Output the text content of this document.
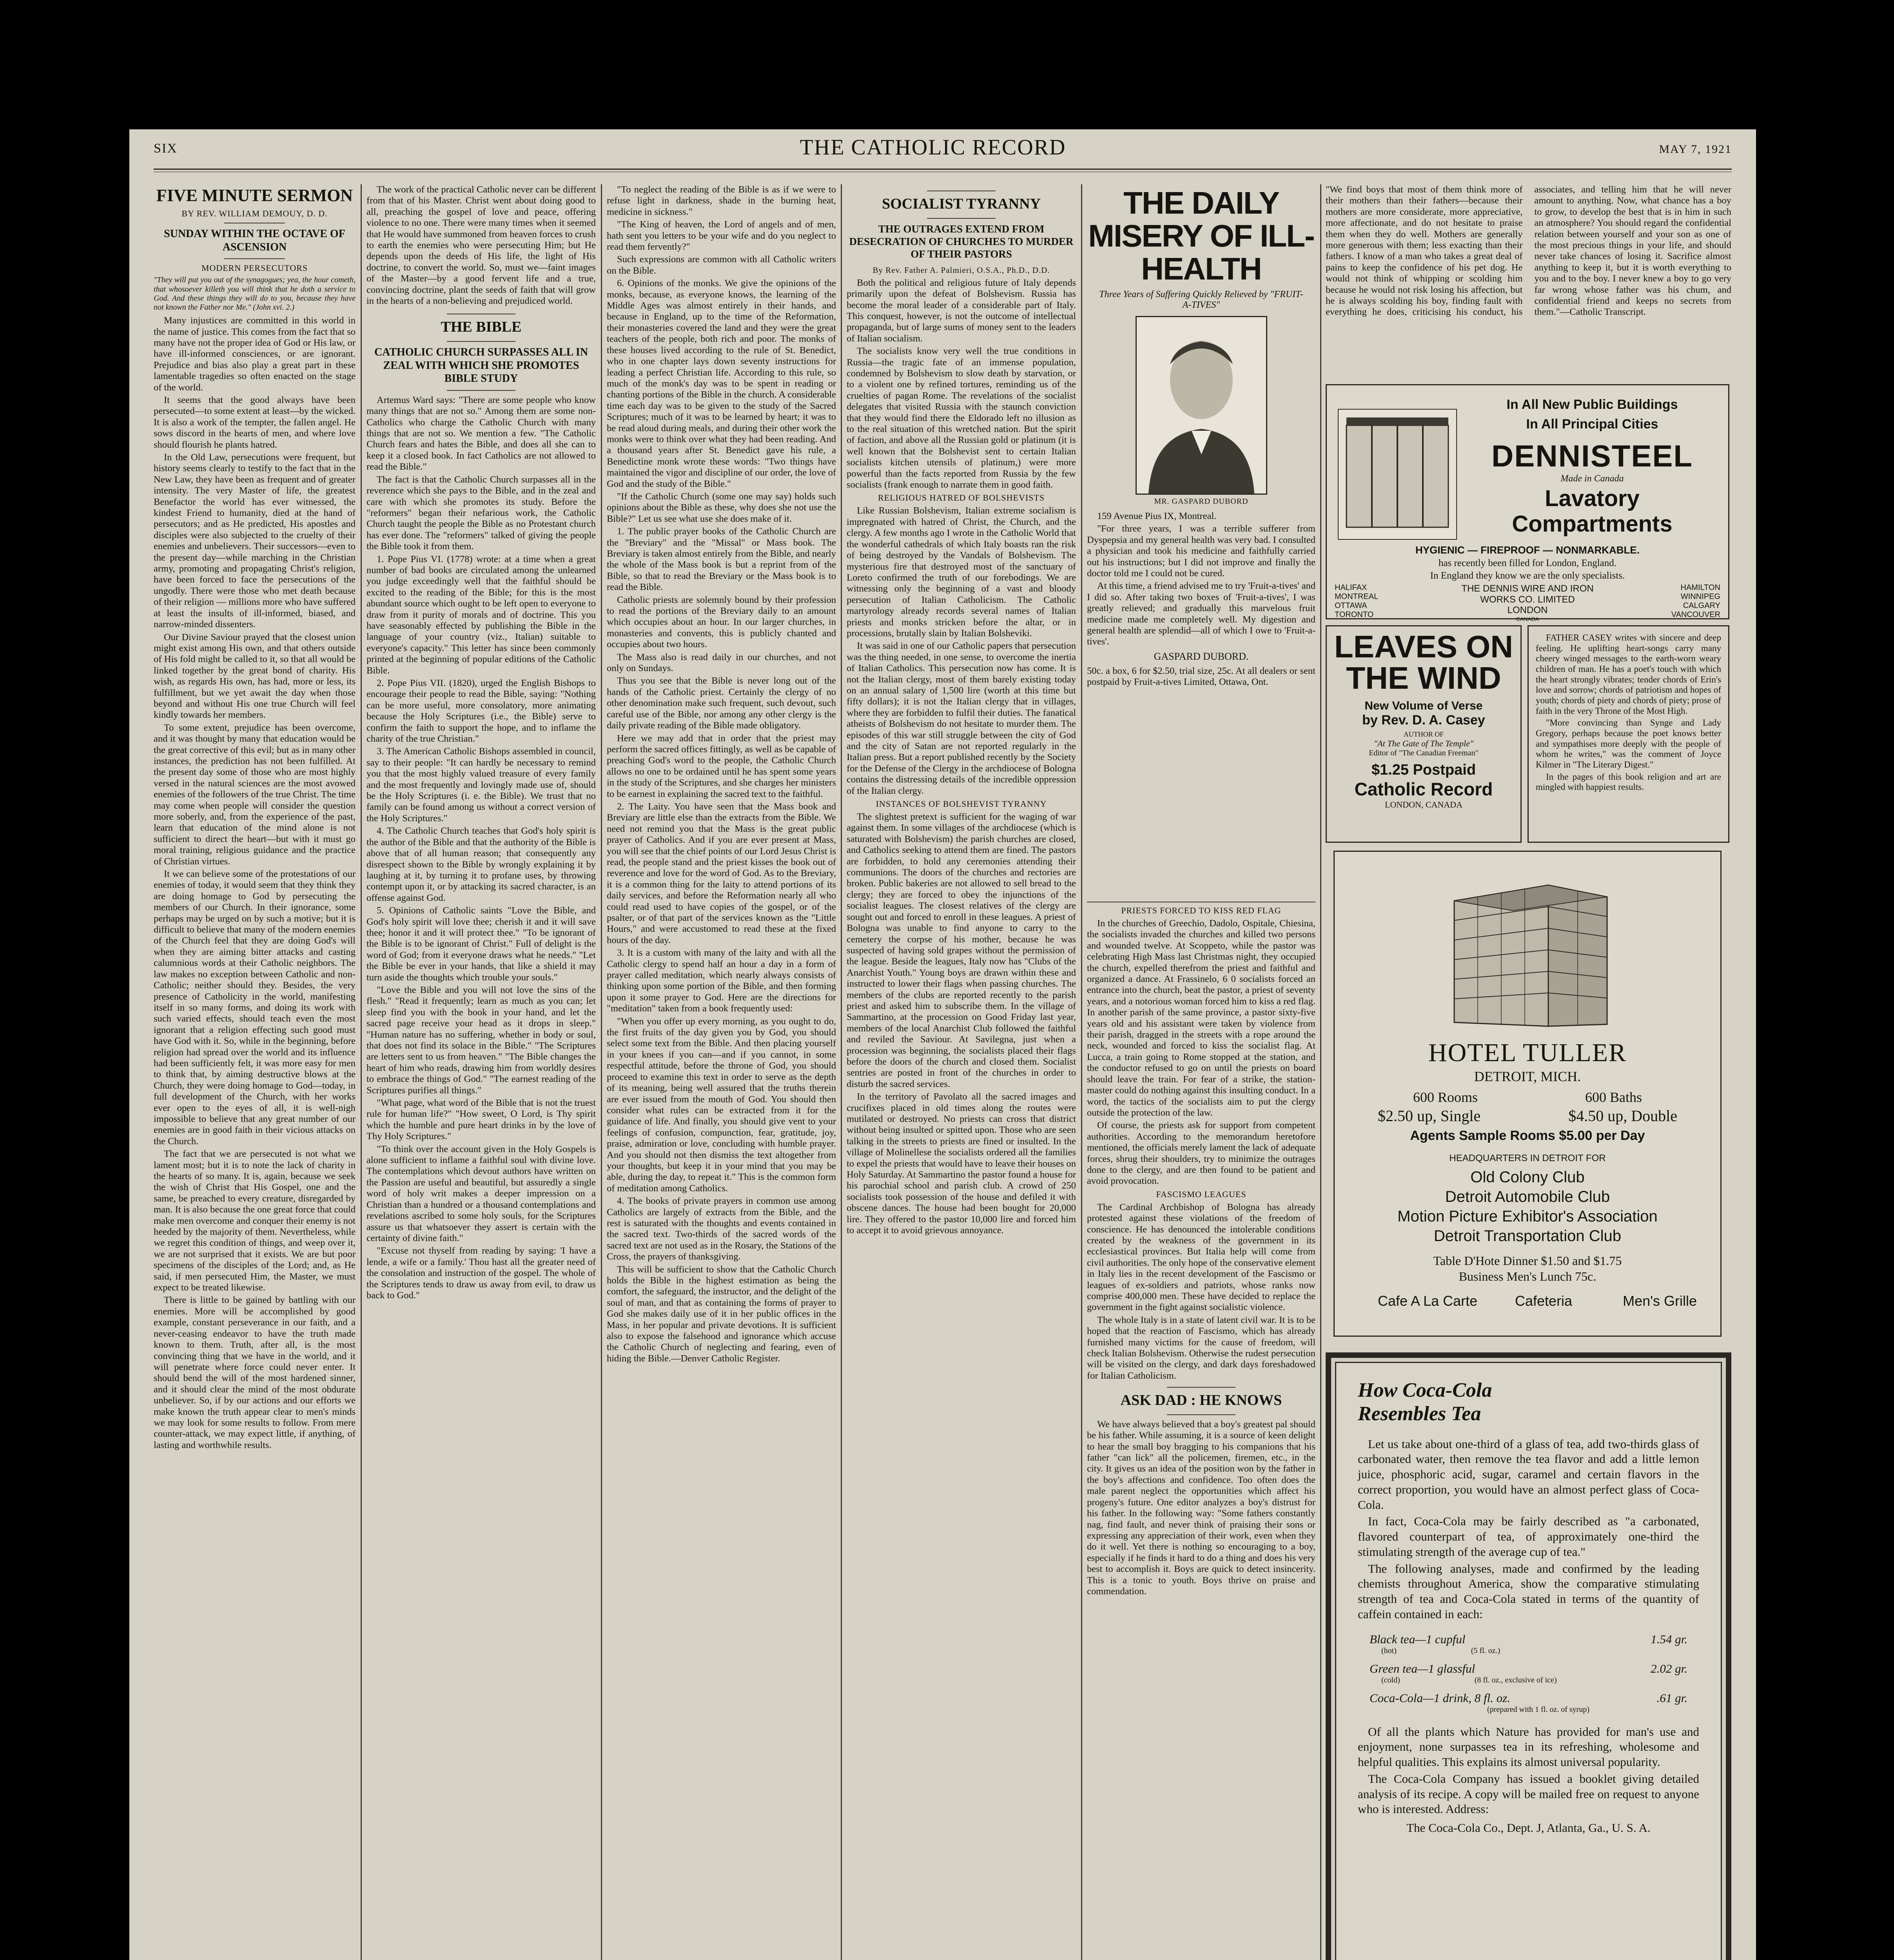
SIX	THE CATHOLIC RECORD	MAY 7, 1921
FIVE MINUTE SERMON
BY REV. WILLIAM DEMOUY, D. D.
SUNDAY WITHIN THE OCTAVE OF ASCENSION
MODERN PERSECUTORS
"They will put you out of the synagogues; yea, the hour cometh, that whosoever killeth you will think that he doth a service to God. And these things they will do to you, because they have not known the Father nor Me." (John xvi. 2.)

Many injustices are committed in this world in the name of justice. This comes from the fact that so many have not the proper idea of God or His law, or have ill-informed consciences, or are ignorant. Prejudice and bias also play a great part in these lamentable tragedies so often enacted on the stage of the world.

It seems that the good always have been persecuted—to some extent at least—by the wicked. It is also a work of the tempter, the fallen angel. He sows discord in the hearts of men, and where love should flourish he plants hatred.

In the Old Law, persecutions were frequent, but history seems clearly to testify to the fact that in the New Law, they have been as frequent and of greater intensity. The very Master of life, the greatest Benefactor the world has ever witnessed, the kindest Friend to humanity, died at the hand of persecutors; and as He predicted, His apostles and disciples were also subjected to the cruelty of their enemies and unbelievers. Their successors—even to the present day—while marching in the Christian army, promoting and propagating Christ's religion, have been forced to face the persecutions of the ungodly. There were those who met death because of their religion — millions more who have suffered at least the insults of ill-informed, biased, and narrow-minded dissenters.

Our Divine Saviour prayed that the closest union might exist among His own, and that others outside of His fold might be called to it, so that all would be linked together by the great bond of charity. His wish, as regards His own, has had, more or less, its fulfillment, but we yet await the day when those beyond and without His one true Church will feel kindly towards her members.

To some extent, prejudice has been overcome, and it was thought by many that education would be the great corrective of this evil; but as in many other instances, the prediction has not been fulfilled. At the present day some of those who are most highly versed in the natural sciences are the most avowed enemies of the followers of the true Christ. The time may come when people will consider the question more soberly, and, from the experience of the past, learn that education of the mind alone is not sufficient to direct the heart—but with it must go moral training, religious guidance and the practice of Christian virtues.

It we can believe some of the protestations of our enemies of today, it would seem that they think they are doing homage to God by persecuting the members of our Church. In their ignorance, some perhaps may be urged on by such a motive; but it is difficult to believe that many of the modern enemies of the Church feel that they are doing God's will when they are aiming bitter attacks and casting calumnious words at their Catholic neighbors. The law makes no exception between Catholic and non-Catholic; neither should they. Besides, the very presence of Catholicity in the world, manifesting itself in so many forms, and doing its work with such varied effects, should teach even the most ignorant that a religion effecting such good must have God with it. So, while in the beginning, before religion had spread over the world and its influence had been sufficiently felt, it was more easy for men to think that, by aiming destructive blows at the Church, they were doing homage to God—today, in full development of the Church, with her works ever open to the eyes of all, it is well-nigh impossible to believe that any great number of our enemies are in good faith in their vicious attacks on the Church.

The fact that we are persecuted is not what we lament most; but it is to note the lack of charity in the hearts of so many. It is, again, because we seek the wish of Christ that His Gospel, one and the same, be preached to every creature, disregarded by man. It is also because the one great force that could make men overcome and conquer their enemy is not heeded by the majority of them. Nevertheless, while we regret this condition of things, and weep over it, we are not surprised that it exists. We are but poor specimens of the disciples of the Lord; and, as He said, if men persecuted Him, the Master, we must expect to be treated likewise.

There is little to be gained by battling with our enemies. More will be accomplished by good example, constant perseverance in our faith, and a never-ceasing endeavor to have the truth made known to them. Truth, after all, is the most convincing thing that we have in the world, and it will penetrate where force could never enter. It should bend the will of the most hardened sinner, and it should clear the mind of the most obdurate unbeliever. So, if by our actions and our efforts we make known the truth appear clear to men's minds we may look for some results to follow. From mere counter-attack, we may expect little, if anything, of lasting and worthwhile results.

The work of the practical Catholic never can be different from that of his Master. Christ went about doing good to all, preaching the gospel of love and peace, offering violence to no one. There were many times when it seemed that He would have summoned from heaven forces to crush to earth the enemies who were persecuting Him; but He depends upon the deeds of His life, the light of His doctrine, to convert the world. So, must we—faint images of the Master—by a good fervent life and a true, convincing doctrine, plant the seeds of faith that will grow in the hearts of a non-believing and prejudiced world.

THE BIBLE
CATHOLIC CHURCH SURPASSES ALL IN ZEAL WITH WHICH SHE PROMOTES BIBLE STUDY

Artemus Ward says: "There are some people who know many things that are not so." Among them are some non-Catholics who charge the Catholic Church with many things that are not so. We mention a few. "The Catholic Church fears and hates the Bible, and does all she can to keep it a closed book. In fact Catholics are not allowed to read the Bible."

The fact is that the Catholic Church surpasses all in the reverence which she pays to the Bible, and in the zeal and care with which she promotes its study. Before the "reformers" began their nefarious work, the Catholic Church taught the people the Bible as no Protestant church has ever done. The "reformers" talked of giving the people the Bible took it from them.

1. Pope Pius VI. (1778) wrote: at a time when a great number of bad books are circulated among the unlearned you judge exceedingly well that the faithful should be excited to the reading of the Bible; for this is the most abundant source which ought to be left open to everyone to draw from it purity of morals and of doctrine. This you have seasonably effected by publishing the Bible in the language of your country (viz., Italian) suitable to everyone's capacity." This letter has since been commonly printed at the beginning of popular editions of the Catholic Bible.

2. Pope Pius VII. (1820), urged the English Bishops to encourage their people to read the Bible, saying: "Nothing can be more useful, more consolatory, more animating because the Holy Scriptures (i.e., the Bible) serve to confirm the faith to support the hope, and to inflame the charity of the true Christian."

3. The American Catholic Bishops assembled in council, say to their people: "It can hardly be necessary to remind you that the most highly valued treasure of every family and the most frequently and lovingly made use of, should be the Holy Scriptures (i. e. the Bible). We trust that no family can be found among us without a correct version of the Holy Scriptures."

4. The Catholic Church teaches that God's holy spirit is the author of the Bible and that the authority of the Bible is above that of all human reason; that consequently any disrespect shown to the Bible by wrongly explaining it by laughing at it, by turning it to profane uses, by throwing contempt upon it, or by attacking its sacred character, is an offense against God.

5. Opinions of Catholic saints "Love the Bible, and God's holy spirit will love thee; cherish it and it will save thee; honor it and it will protect thee." "To be ignorant of the Bible is to be ignorant of Christ." Full of delight is the word of God; from it everyone draws what he needs." "Let the Bible be ever in your hands, that like a shield it may turn aside the thoughts which trouble your souls."

"Love the Bible and you will not love the sins of the flesh." "Read it frequently; learn as much as you can; let sleep find you with the book in your hand, and let the sacred page receive your head as it drops in sleep." "Human nature has no suffering, whether in body or soul, that does not find its solace in the Bible." "The Scriptures are letters sent to us from heaven." "The Bible changes the heart of him who reads, drawing him from worldly desires to embrace the things of God." "The earnest reading of the Scriptures purifies all things."

"What page, what word of the Bible that is not the truest rule for human life?" "How sweet, O Lord, is Thy spirit which the humble and pure heart drinks in by the love of Thy Holy Scriptures."

"To think over the account given in the Holy Gospels is alone sufficient to inflame a faithful soul with divine love. The contemplations which devout authors have written on the Passion are useful and beautiful, but assuredly a single word of holy writ makes a deeper impression on a Christian than a hundred or a thousand contemplations and revelations ascribed to some holy souls, for the Scriptures assure us that whatsoever they assert is certain with the certainty of divine faith."

"Excuse not thyself from reading by saying: 'I have a lende, a wife or a family.' Thou hast all the greater need of the consolation and instruction of the gospel. The whole of the Scriptures tends to draw us away from evil, to draw us back to God."

"To neglect the reading of the Bible is as if we were to refuse light in darkness, shade in the burning heat, medicine in sickness."

"The King of heaven, the Lord of angels and of men, hath sent you letters to be your wife and do you neglect to read them fervently?"

Such expressions are common with all Catholic writers on the Bible.

6. Opinions of the monks. We give the opinions of the monks, because, as everyone knows, the learning of the Middle Ages was almost entirely in their hands, and because in England, up to the time of the Reformation, their monasteries covered the land and they were the great teachers of the people, both rich and poor. The monks of these houses lived according to the rule of St. Benedict, who in one chapter lays down seventy instructions for leading a perfect Christian life. According to this rule, so much of the monk's day was to be spent in reading or chanting portions of the Bible in the church. A considerable time each day was to be given to the study of the Sacred Scriptures; much of it was to be learned by heart; it was to be read aloud during meals, and during their other work the monks were to think over what they had been reading. And a thousand years after St. Benedict gave his rule, a Benedictine monk wrote these words: "Two things have maintained the vigor and discipline of our order, the love of God and the study of the Bible."

"If the Catholic Church (some one may say) holds such opinions about the Bible as these, why does she not use the Bible?" Let us see what use she does make of it.

1. The public prayer books of the Catholic Church are the "Breviary" and the "Missal" or Mass book. The Breviary is taken almost entirely from the Bible, and nearly the whole of the Mass book is but a reprint from of the Bible, so that to read the Breviary or the Mass book is to read the Bible.

Catholic priests are solemnly bound by their profession to read the portions of the Breviary daily to an amount which occupies about an hour. In our larger churches, in monasteries and convents, this is publicly chanted and occupies about two hours.

The Mass also is read daily in our churches, and not only on Sundays.

Thus you see that the Bible is never long out of the hands of the Catholic priest. Certainly the clergy of no other denomination make such frequent, such devout, such careful use of the Bible, nor among any other clergy is the daily private reading of the Bible made obligatory.

Here we may add that in order that the priest may perform the sacred offices fittingly, as well as be capable of preaching God's word to the people, the Catholic Church allows no one to be ordained until he has spent some years in the study of the Scriptures, and she charges her ministers to be earnest in explaining the sacred text to the faithful.

2. The Laity. You have seen that the Mass book and Breviary are little else than the extracts from the Bible. We need not remind you that the Mass is the great public prayer of Catholics. And if you are ever present at Mass, you will see that the chief points of our Lord Jesus Christ is read, the people stand and the priest kisses the book out of reverence and love for the word of God. As to the Breviary, it is a common thing for the laity to attend portions of its daily services, and before the Reformation nearly all who could read used to have copies of the gospel, or of the psalter, or of that part of the services known as the "Little Hours," and were accustomed to read these at the fixed hours of the day.

3. It is a custom with many of the laity and with all the Catholic clergy to spend half an hour a day in a form of prayer called meditation, which nearly always consists of thinking upon some portion of the Bible, and then forming upon it some prayer to God. Here are the directions for "meditation" taken from a book frequently used:

"When you offer up every morning, as you ought to do, the first fruits of the day given you by God, you should select some text from the Bible. And then placing yourself in your knees if you can—and if you cannot, in some respectful attitude, before the throne of God, you should proceed to examine this text in order to serve as the depth of its meaning, being well assured that the truths therein are ever issued from the mouth of God. You should then consider what rules can be extracted from it for the guidance of life. And finally, you should give vent to your feelings of confusion, compunction, fear, gratitude, joy, praise, admiration or love, concluding with humble prayer. And you should not then dismiss the text altogether from your thoughts, but keep it in your mind that you may be able, during the day, to repeat it." This is the common form of meditation among Catholics.

4. The books of private prayers in common use among Catholics are largely of extracts from the Bible, and the rest is saturated with the thoughts and events contained in the sacred text. Two-thirds of the sacred words of the sacred text are not used as in the Rosary, the Stations of the Cross, the prayers of thanksgiving.

This will be sufficient to show that the Catholic Church holds the Bible in the highest estimation as being the comfort, the safeguard, the instructor, and the delight of the soul of man, and that as containing the forms of prayer to God she makes daily use of it in her public offices in the Mass, in her popular and private devotions. It is sufficient also to expose the falsehood and ignorance which accuse the Catholic Church of neglecting and fearing, even of hiding the Bible.—Denver Catholic Register.

SOCIALIST TYRANNY
THE OUTRAGES EXTEND FROM DESECRATION OF CHURCHES TO MURDER OF THEIR PASTORS
By Rev. Father A. Palmieri, O.S.A., Ph.D., D.D.

Both the political and religious future of Italy depends primarily upon the defeat of Bolshevism. Russia has become the moral leader of a considerable part of Italy. This conquest, however, is not the outcome of intellectual propaganda, but of large sums of money sent to the leaders of Italian socialism.

The socialists know very well the true conditions in Russia—the tragic fate of an immense population, condemned by Bolshevism to slow death by starvation, or to a violent one by refined tortures, reminding us of the cruelties of pagan Rome. The revelations of the socialist delegates that visited Russia with the staunch conviction that they would find there the Eldorado left no illusion as to the real situation of this wretched nation. But the spirit of faction, and above all the Russian gold or platinum (it is well known that the Bolshevist sent to certain Italian socialists kitchen utensils of platinum,) were more powerful than the facts reported from Russia by the few socialists (frank enough to narrate them in good faith.

RELIGIOUS HATRED OF BOLSHEVISTS

Like Russian Bolshevism, Italian extreme socialism is impregnated with hatred of Christ, the Church, and the clergy. A few months ago I wrote in the Catholic World that the wonderful cathedrals of which Italy boasts ran the risk of being destroyed by the Vandals of Bolshevism. The mysterious fire that destroyed most of the sanctuary of Loreto confirmed the truth of our forebodings. We are witnessing only the beginning of a vast and bloody persecution of Italian Catholicism. The Catholic martyrology already records several names of Italian priests and monks stricken before the altar, or in processions, brutally slain by Italian Bolsheviki.

It was said in one of our Catholic papers that persecution was the thing needed, in one sense, to overcome the inertia of Italian Catholics. This persecution now has come. It is not the Italian clergy, most of them barely existing today on an annual salary of 1,500 lire (worth at this time but fifty dollars); it is not the Italian clergy that in villages, where they are forbidden to fulfil their duties. The fanatical atheists of Bolshevism do not hesitate to murder them. The episodes of this war still struggle between the city of God and the city of Satan are not reported regularly in the Italian press. But a report published recently by the Society for the Defense of the Clergy in the archdiocese of Bologna contains the distressing details of the incredible oppression of the Italian clergy.

INSTANCES OF BOLSHEVIST TYRANNY

The slightest pretext is sufficient for the waging of war against them. In some villages of the archdiocese (which is saturated with Bolshevism) the parish churches are closed, and Catholics seeking to attend them are fined. The pastors are forbidden, to hold any ceremonies attending their communions. The doors of the churches and rectories are broken. Public bakeries are not allowed to sell bread to the clergy; they are forced to obey the injunctions of the socialist leagues. The closest relatives of the clergy are sought out and forced to enroll in these leagues. A priest of Bologna was unable to find anyone to carry to the cemetery the corpse of his mother, because he was suspected of having sold grapes without the permission of the league. Beside the leagues, Italy now has "Clubs of the Anarchist Youth." Young boys are drawn within these and instructed to lower their flags when passing churches. The members of the clubs are reported recently to the parish priest and asked him to subscribe them. In the village of Sammartino, at the procession on Good Friday last year, members of the local Anarchist Club followed the faithful and reviled the Saviour. At Savilegna, just when a procession was beginning, the socialists placed their flags before the doors of the church and closed them. Socialist sentries are posted in front of the churches in order to disturb the sacred services.

In the territory of Pavolato all the sacred images and crucifixes placed in old times along the routes were mutilated or destroyed. No priests can cross that district without being insulted or spitted upon. Those who are seen talking in the streets to priests are fined or insulted. In the village of Molinellese the socialists ordered all the families to expel the priests that would have to leave their houses on Holy Saturday. At Sammartino the pastor found a house for his parochial school and parish club. A crowd of 250 socialists took possession of the house and defiled it with obscene dances. The house had been bought for 20,000 lire. They offered to the pastor 10,000 lire and forced him to accept it to avoid grievous annoyance.

THE DAILY MISERY OF ILL-HEALTH
Three Years of Suffering Quickly Relieved by "FRUIT-A-TIVES"
MR. GASPARD DUBORD

159 Avenue Pius IX, Montreal.

"For three years, I was a terrible sufferer from Dyspepsia and my general health was very bad. I consulted a physician and took his medicine and faithfully carried out his instructions; but I did not improve and finally the doctor told me I could not be cured.

At this time, a friend advised me to try 'Fruit-a-tives' and I did so. After taking two boxes of 'Fruit-a-tives', I was greatly relieved; and gradually this marvelous fruit medicine made me completely well. My digestion and general health are splendid—all of which I owe to 'Fruit-a-tives'.

GASPARD DUBORD.
50c. a box, 6 for $2.50, trial size, 25c. At all dealers or sent postpaid by Fruit-a-tives Limited, Ottawa, Ont.
PRIESTS FORCED TO KISS RED FLAG

In the churches of Greechio, Dadolo, Ospitale, Chiesina, the socialists invaded the churches and killed two persons and wounded twelve. At Scoppeto, while the pastor was celebrating High Mass last Christmas night, they occupied the church, expelled therefrom the priest and faithful and organized a dance. At Frassinelo, 6 0 socialists forced an entrance into the church, beat the pastor, a priest of seventy years, and a notorious woman forced him to kiss a red flag. In another parish of the same province, a pastor sixty-five years old and his assistant were taken by violence from their parish, dragged in the streets with a rope around the neck, wounded and forced to kiss the socialist flag. At Lucca, a train going to Rome stopped at the station, and the conductor refused to go on until the priests on board should leave the train. For fear of a strike, the station-master could do nothing against this insulting conduct. In a word, the tactics of the socialists aim to put the clergy outside the protection of the law.

Of course, the priests ask for support from competent authorities. According to the memorandum heretofore mentioned, the officials merely lament the lack of adequate forces, shrug their shoulders, try to minimize the outrages done to the clergy, and are then found to be patient and avoid provocation.

FASCISMO LEAGUES

The Cardinal Archbishop of Bologna has already protested against these violations of the freedom of conscience. He has denounced the intolerable conditions created by the weakness of the government in its ecclesiastical provinces. But Italia help will come from civil authorities. The only hope of the conservative element in Italy lies in the recent development of the Fascismo or leagues of ex-soldiers and patriots, whose ranks now comprise 400,000 men. These have decided to replace the government in the fight against socialistic violence.

The whole Italy is in a state of latent civil war. It is to be hoped that the reaction of Fascismo, which has already furnished many victims for the cause of freedom, will check Italian Bolshevism. Otherwise the rudest persecution will be visited on the clergy, and dark days foreshadowed for Italian Catholicism.

ASK DAD : HE KNOWS

We have always believed that a boy's greatest pal should be his father. While assuming, it is a source of keen delight to hear the small boy bragging to his companions that his father "can lick" all the policemen, firemen, etc., in the city. It gives us an idea of the position won by the father in the boy's affections and confidence. Too often does the male parent neglect the opportunities which affect his progeny's future. One editor analyzes a boy's distrust for his father. In the following way: "Some fathers constantly nag, find fault, and never think of praising their sons or expressing any appreciation of their work, even when they do it well. Yet there is nothing so encouraging to a boy, especially if he finds it hard to do a thing and does his very best to accomplish it. Boys are quick to detect insincerity. This is a tonic to youth. Boys thrive on praise and commendation.

"We find boys that most of them think more of their mothers than their fathers—because their mothers are more considerate, more appreciative, more affectionate, and do not hesitate to praise them when they do well. Mothers are generally more generous with them; less exacting than their fathers. I know of a man who takes a great deal of pains to keep the confidence of his pet dog. He would not think of whipping or scolding him because he would not risk losing his affection, but he is always scolding his boy, finding fault with everything he does, criticising his conduct, his associates, and telling him that he will never amount to anything. Now, what chance has a boy to grow, to develop the best that is in him in such an atmosphere? You should regard the confidential relation between yourself and your son as one of the most precious things in your life, and should never take chances of losing it. Sacrifice almost anything to keep it, but it is worth everything to you and to the boy. I never knew a boy to go very far wrong whose father was his chum, and confidential friend and keeps no secrets from them."—Catholic Transcript.
In All New Public Buildings
In All Principal Cities
DENNISTEEL
Made in Canada
Lavatory
Compartments
HYGIENIC — FIREPROOF — NONMARKABLE.
has recently been filled for London, England.
In England they know we are the only specialists.
HALIFAX
MONTREAL
OTTAWA
TORONTO
THE DENNIS WIRE AND IRON
WORKS CO. LIMITED
LONDON
CANADA
HAMILTON
WINNIPEG
CALGARY
VANCOUVER
LEAVES ON
THE WIND
New Volume of Verse
by Rev. D. A. Casey
AUTHOR OF
"At The Gate of The Temple"
Editor of "The Canadian Freeman"
$1.25 Postpaid
Catholic Record
LONDON, CANADA

FATHER CASEY writes with sincere and deep feeling. He uplifting heart-songs carry many cheery winged messages to the earth-worn weary children of man. He has a poet's touch with which the heart strongly vibrates; tender chords of Erin's love and sorrow; chords of patriotism and hopes of youth; chords of piety and chords of piety; prose of faith in the very Throne of the Most High.

"More convincing than Synge and Lady Gregory, perhaps because the poet knows better and sympathises more deeply with the people of whom he writes," was the comment of Joyce Kilmer in "The Literary Digest."

In the pages of this book religion and art are mingled with happiest results.

HOTEL TULLER
DETROIT, MICH.
600 Rooms	600 Baths
$2.50 up, Single	$4.50 up, Double
Agents Sample Rooms $5.00 per Day
HEADQUARTERS IN DETROIT FOR
Old Colony Club
Detroit Automobile Club
Motion Picture Exhibitor's Association
Detroit Transportation Club
Table D'Hote Dinner $1.50 and $1.75
Business Men's Lunch 75c.
Cafe A La Carte	Cafeteria	Men's Grille
How Coca-Cola
Resembles Tea

Let us take about one-third of a glass of tea, add two-thirds glass of carbonated water, then remove the tea flavor and add a little lemon juice, phosphoric acid, sugar, caramel and certain flavors in the correct proportion, you would have an almost perfect glass of Coca-Cola.

In fact, Coca-Cola may be fairly described as "a carbonated, flavored counterpart of tea, of approximately one-third the stimulating strength of the average cup of tea."

The following analyses, made and confirmed by the leading chemists throughout America, show the comparative stimulating strength of tea and Coca-Cola stated in terms of the quantity of caffein contained in each:

Black tea—1 cupful	1.54 gr.
(hot)	(5 fl. oz.)
Green tea—1 glassful	2.02 gr.
(cold)	(8 fl. oz., exclusive of ice)
Coca-Cola—1 drink, 8 fl. oz.	.61 gr.
(prepared with 1 fl. oz. of syrup)

Of all the plants which Nature has provided for man's use and enjoyment, none surpasses tea in its refreshing, wholesome and helpful qualities. This explains its almost universal popularity.

The Coca-Cola Company has issued a booklet giving detailed analysis of its recipe. A copy will be mailed free on request to anyone who is interested. Address:

The Coca-Cola Co., Dept. J, Atlanta, Ga., U. S. A.
